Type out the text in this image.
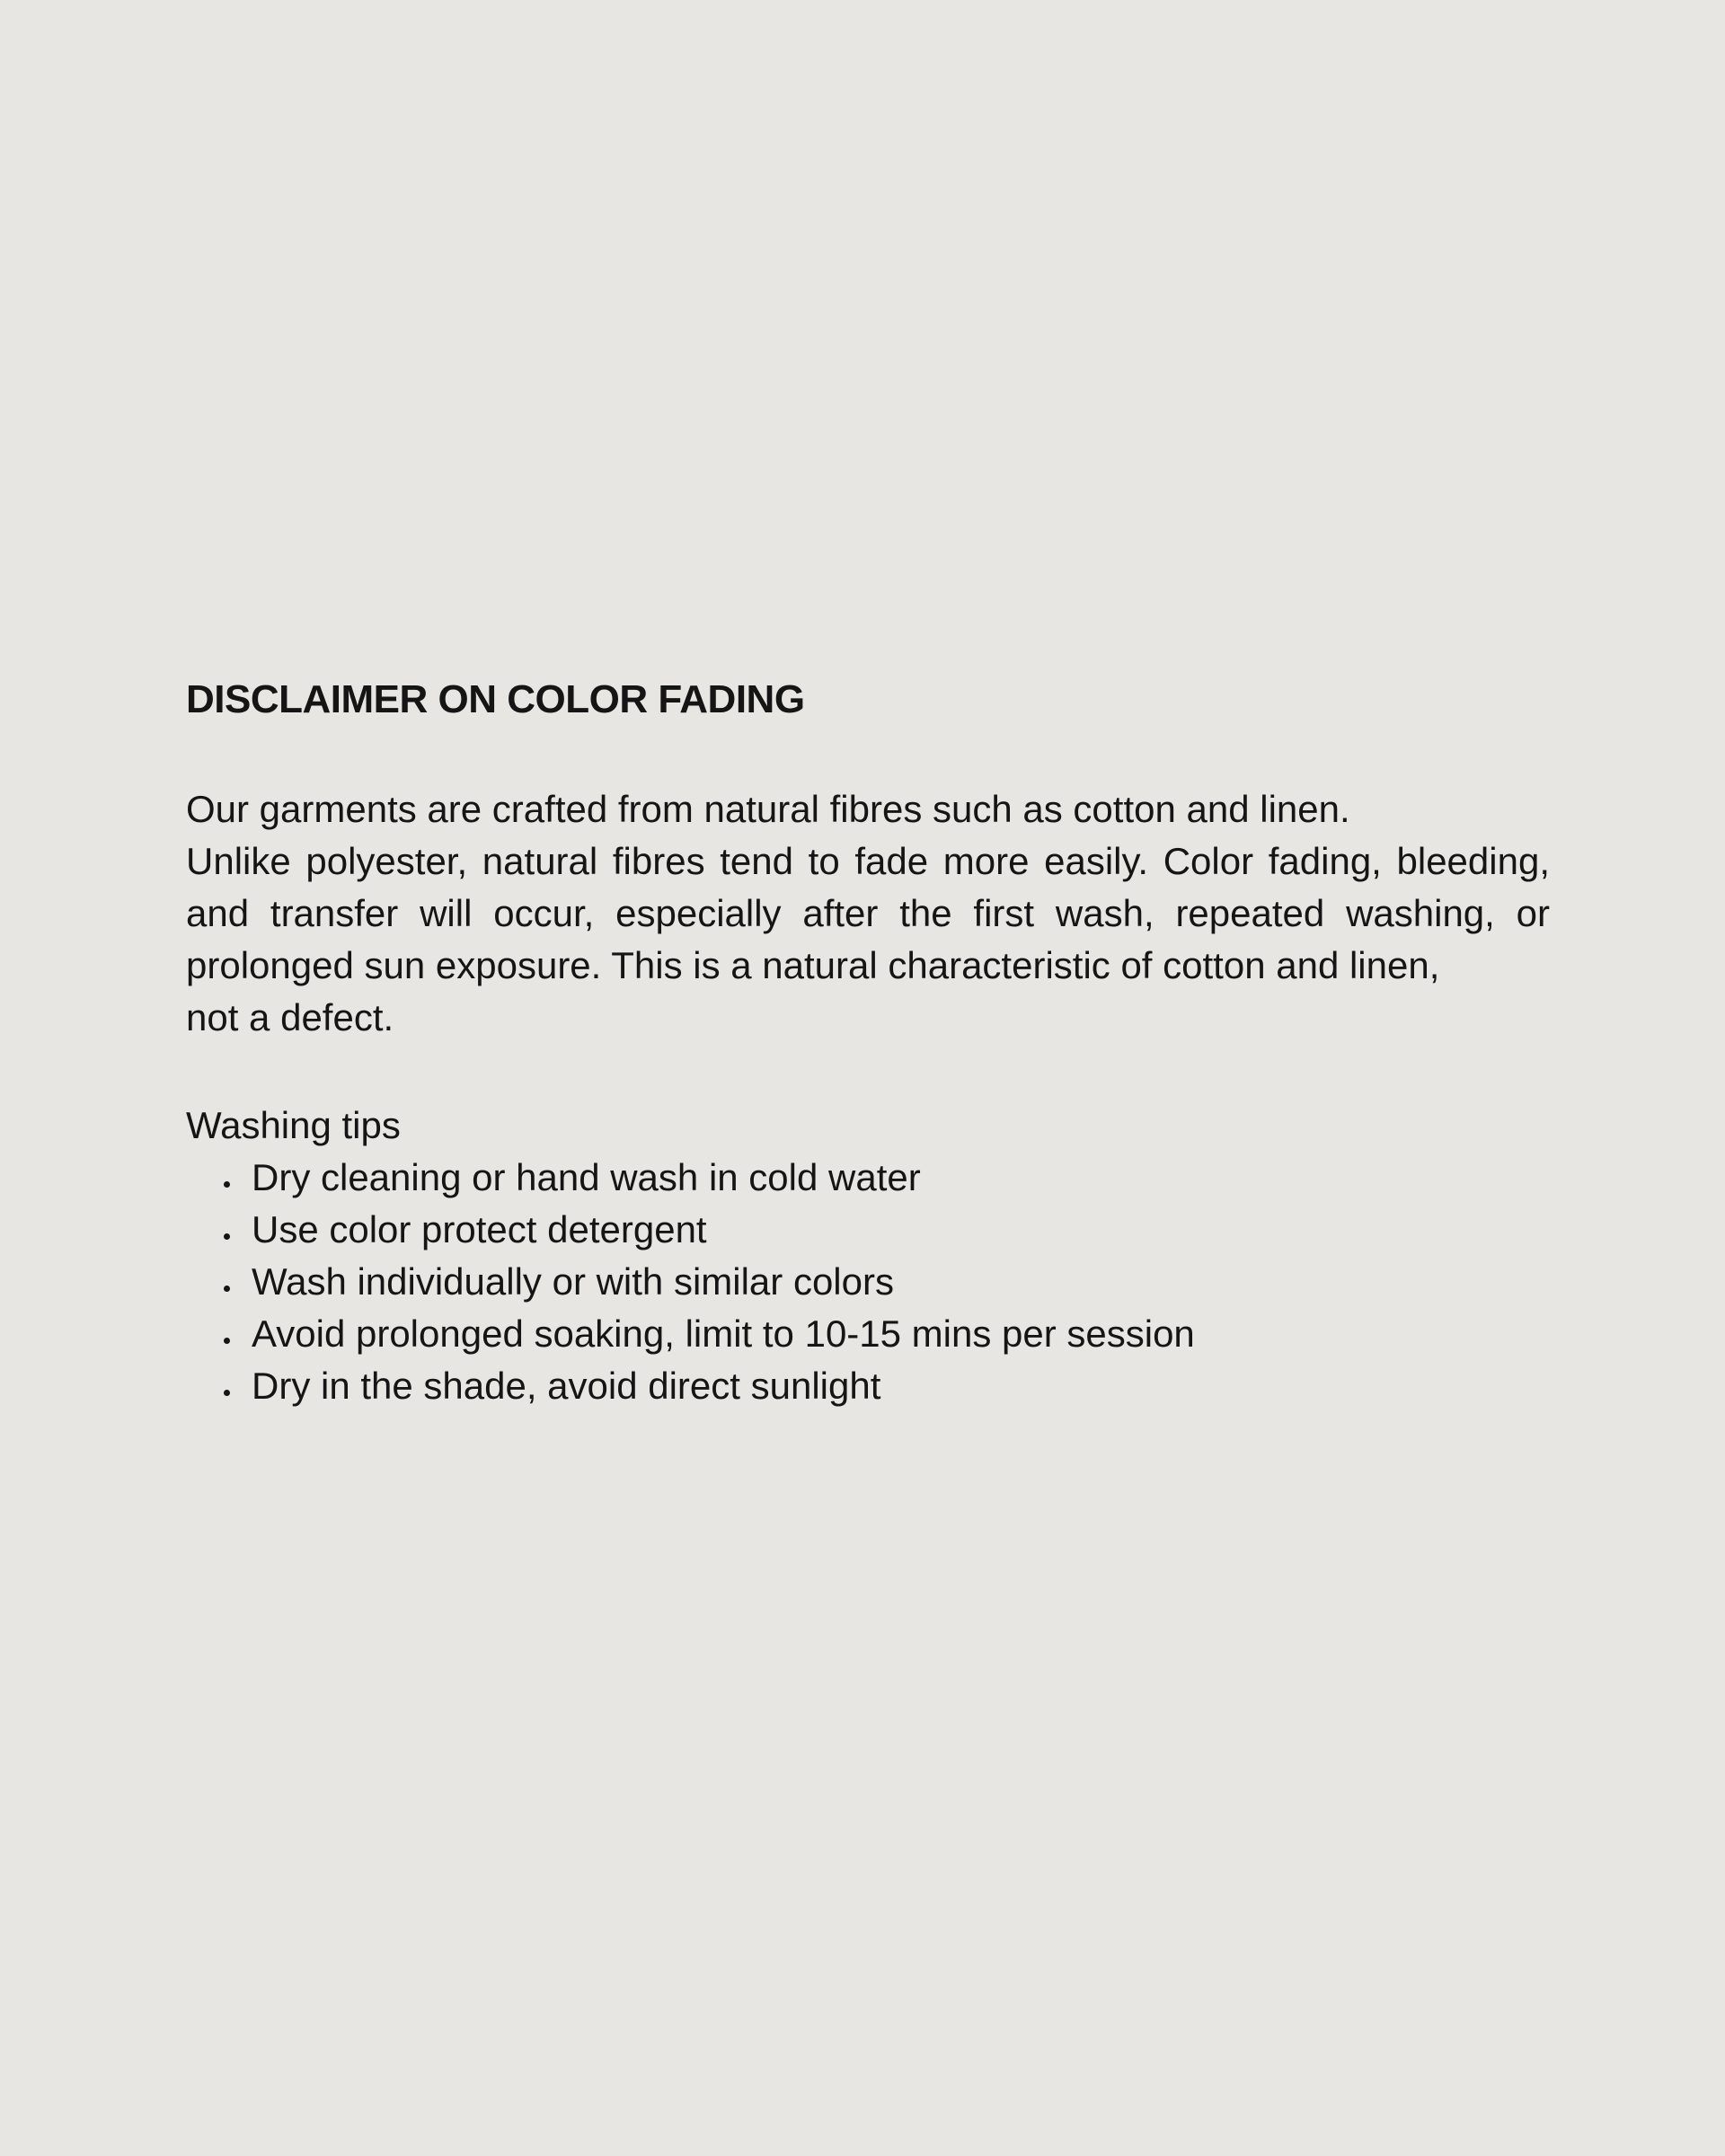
DISCLAIMER ON COLOR FADING
Our garments are crafted from natural fibres such as cotton and linen.
Unlike polyester, natural fibres tend to fade more easily. Color fading, bleeding,
and transfer will occur, especially after the first wash, repeated washing, or
prolonged sun exposure. This is a natural characteristic of cotton and linen,
not a defect.
Washing tips
Dry cleaning or hand wash in cold water
Use color protect detergent
Wash individually or with similar colors
Avoid prolonged soaking, limit to 10-15 mins per session
Dry in the shade, avoid direct sunlight
